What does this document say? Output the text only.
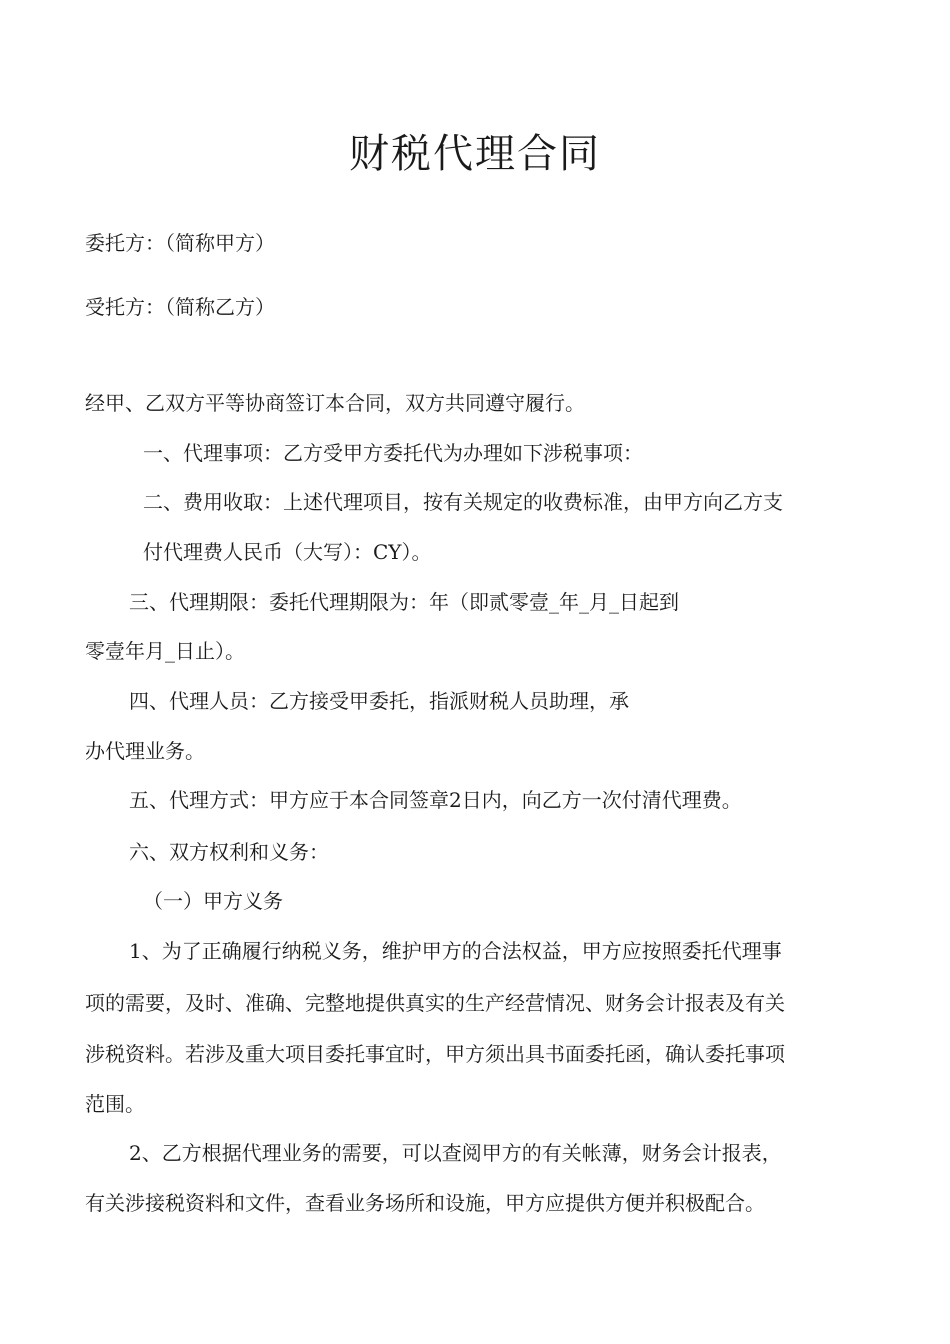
财税代理合同
委托方：（简称甲方）
受托方：（简称乙方）
经甲、乙双方平等协商签订本合同，双方共同遵守履行。
一、代理事项：乙方受甲方委托代为办理如下涉税事项：
二、费用收取：上述代理项目，按有关规定的收费标准，由甲方向乙方支
付代理费人民币（大写）：CY）。
三、代理期限：委托代理期限为：年（即贰零壹_年_月_日起到
零壹年月_日止）。
四、代理人员：乙方接受甲委托，指派财税人员助理，承
办代理业务。
五、代理方式：甲方应于本合同签章2日内，向乙方一次付清代理费。
六、双方权利和义务：
（一）甲方义务
1、为了正确履行纳税义务，维护甲方的合法权益，甲方应按照委托代理事
项的需要，及时、准确、完整地提供真实的生产经营情况、财务会计报表及有关
涉税资料。若涉及重大项目委托事宜时，甲方须出具书面委托函，确认委托事项
范围。
2、乙方根据代理业务的需要，可以查阅甲方的有关帐薄，财务会计报表，
有关涉接税资料和文件，查看业务场所和设施，甲方应提供方便并积极配合。
